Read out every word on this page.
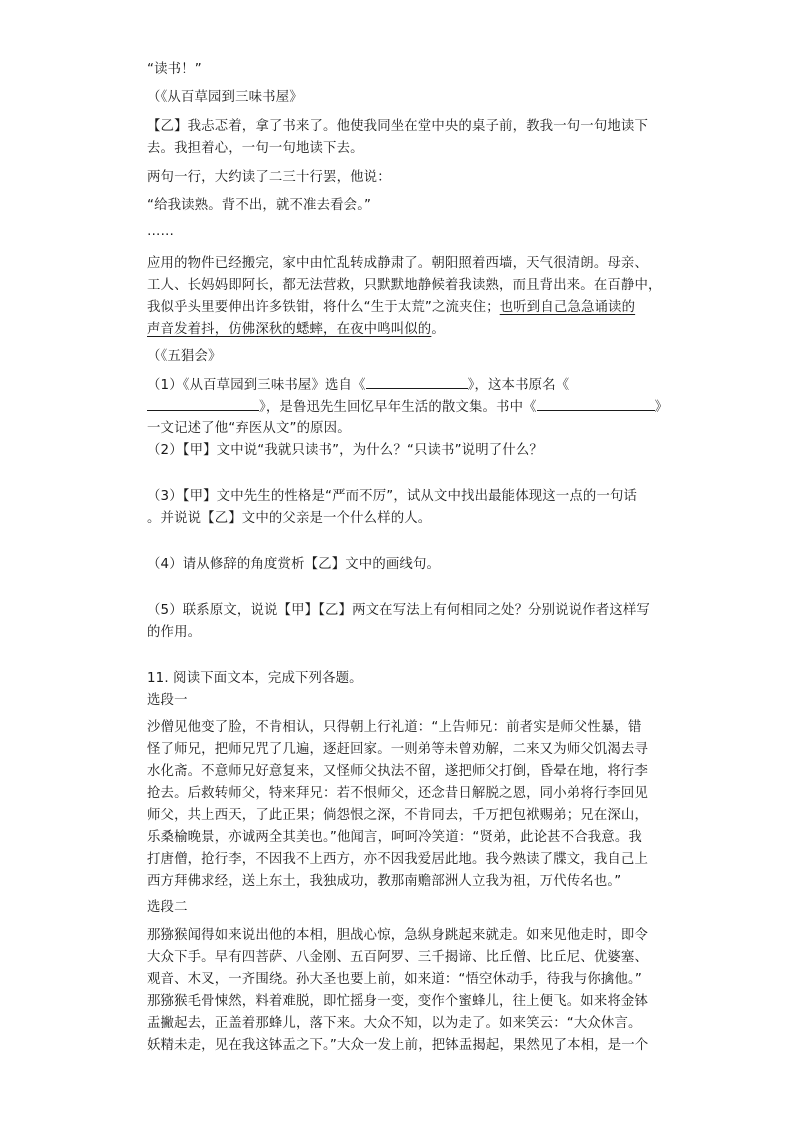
“读书！”
（《从百草园到三味书屋》
【乙】我忐忑着，拿了书来了。他使我同坐在堂中央的桌子前，教我一句一句地读下
去。我担着心，一句一句地读下去。
两句一行，大约读了二三十行罢，他说：
“给我读熟。背不出，就不准去看会。”
……
应用的物件已经搬完，家中由忙乱转成静肃了。朝阳照着西墙，天气很清朗。母亲、
工人、长妈妈即阿长，都无法营救，只默默地静候着我读熟，而且背出来。在百静中，
我似乎头里要伸出许多铁钳，将什么“生于太荒”之流夹住；也听到自己急急诵读的
声音发着抖，仿佛深秋的蟋蟀，在夜中鸣叫似的。
（《五猖会》
（1）《从百草园到三味书屋》选自《	》，这本书原名《
》，是鲁迅先生回忆早年生活的散文集。书中《	》
一文记述了他“弃医从文”的原因。
（2）【甲】文中说“我就只读书”，为什么？“只读书”说明了什么？
（3）【甲】文中先生的性格是“严而不厉”，试从文中找出最能体现这一点的一句话
。并说说【乙】文中的父亲是一个什么样的人。
（4）请从修辞的角度赏析【乙】文中的画线句。
（5）联系原文，说说【甲】【乙】两文在写法上有何相同之处？分别说说作者这样写
的作用。
11. 阅读下面文本，完成下列各题。
选段一
沙僧见他变了脸，不肯相认，只得朝上行礼道：“上告师兄：前者实是师父性暴，错
怪了师兄，把师兄咒了几遍，逐赶回家。一则弟等未曾劝解，二来又为师父饥渴去寻
水化斋。不意师兄好意复来，又怪师父执法不留，遂把师父打倒，昏晕在地，将行李
抢去。后救转师父，特来拜兄：若不恨师父，还念昔日解脱之恩，同小弟将行李回见
师父，共上西天，了此正果；倘怨恨之深，不肯同去，千万把包袱赐弟；兄在深山，
乐桑榆晚景，亦诚两全其美也。”他闻言，呵呵冷笑道：“贤弟，此论甚不合我意。我
打唐僧，抢行李，不因我不上西方，亦不因我爱居此地。我今熟读了牒文，我自己上
西方拜佛求经，送上东土，我独成功，教那南赡部洲人立我为祖，万代传名也。”
选段二
那猕猴闻得如来说出他的本相，胆战心惊，急纵身跳起来就走。如来见他走时，即令
大众下手。早有四菩萨、八金刚、五百阿罗、三千揭谛、比丘僧、比丘尼、优婆塞、
观音、木叉，一齐围绕。孙大圣也要上前，如来道：“悟空休动手，待我与你擒他。”
那猕猴毛骨悚然，料着难脱，即忙摇身一变，变作个蜜蜂儿，往上便飞。如来将金钵
盂撇起去，正盖着那蜂儿，落下来。大众不知，以为走了。如来笑云：“大众休言。
妖精未走，见在我这钵盂之下。”大众一发上前，把钵盂揭起，果然见了本相，是一个
